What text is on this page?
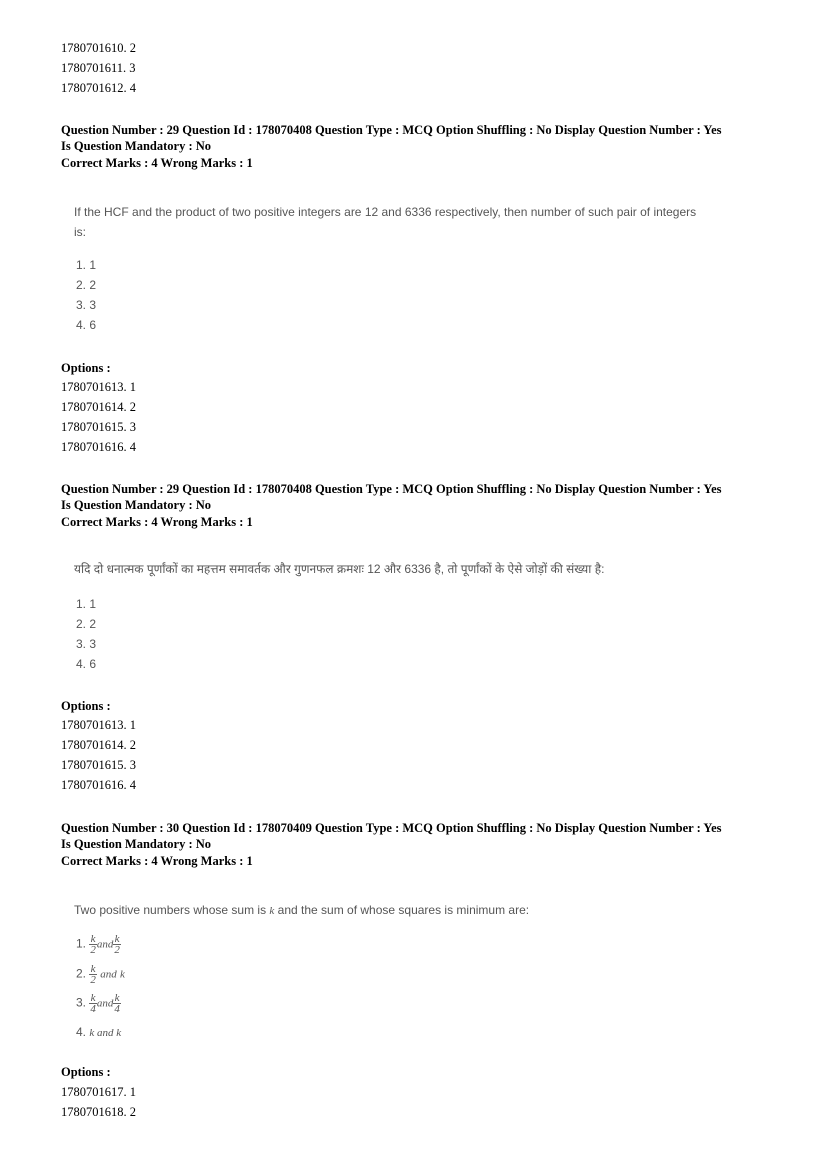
1780701610. 2
1780701611. 3
1780701612. 4
Question Number : 29 Question Id : 178070408 Question Type : MCQ Option Shuffling : No Display Question Number : Yes
Is Question Mandatory : No
Correct Marks : 4 Wrong Marks : 1
If the HCF and the product of two positive integers are 12 and 6336 respectively, then number of such pair of integers
is:
1. 1
2. 2
3. 3
4. 6
Options :
1780701613. 1
1780701614. 2
1780701615. 3
1780701616. 4
Question Number : 29 Question Id : 178070408 Question Type : MCQ Option Shuffling : No Display Question Number : Yes
Is Question Mandatory : No
Correct Marks : 4 Wrong Marks : 1
यदि दो धनात्मक पूर्णांकों का महत्तम समावर्तक और गुणनफल क्रमशः 12 और 6336 है, तो पूर्णांकों के ऐसे जोड़ों की संख्या है:
1. 1
2. 2
3. 3
4. 6
Options :
1780701613. 1
1780701614. 2
1780701615. 3
1780701616. 4
Question Number : 30 Question Id : 178070409 Question Type : MCQ Option Shuffling : No Display Question Number : Yes
Is Question Mandatory : No
Correct Marks : 4 Wrong Marks : 1
Two positive numbers whose sum is k and the sum of whose squares is minimum are:
1. $\frac{k}{2}$ and $\frac{k}{2}$
2. $\frac{k}{2}$ and k
3. $\frac{k}{4}$ and $\frac{k}{4}$
4. k and k
Options :
1780701617. 1
1780701618. 2
